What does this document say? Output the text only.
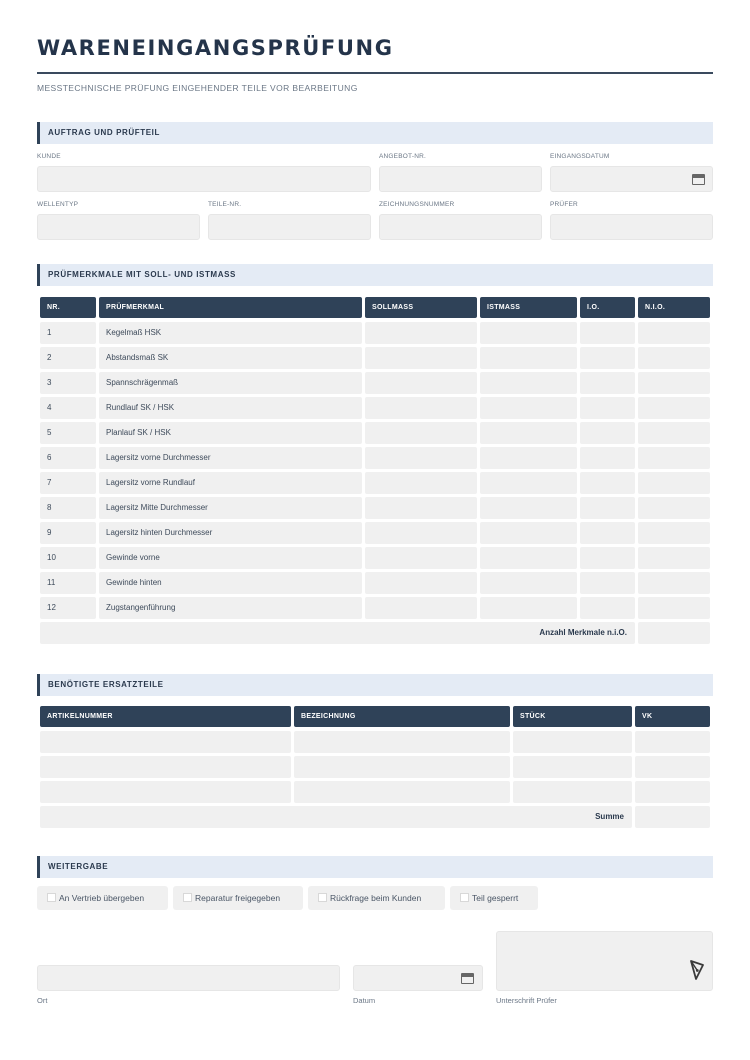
WARENEINGANGSPRÜFUNG
MESSTECHNISCHE PRÜFUNG EINGEHENDER TEILE VOR BEARBEITUNG
AUFTRAG UND PRÜFTEIL
KUNDE	ANGEBOT-NR.	EINGANGSDATUM
WELLENTYP	TEILE-NR.	ZEICHNUNGSNUMMER	PRÜFER
PRÜFMERKMALE MIT SOLL- UND ISTMASS
NR.	PRÜFMERKMAL	SOLLMASS	ISTMASS	I.O.	N.I.O.
1	Kegelmaß HSK
2	Abstandsmaß SK
3	Spannschrägenmaß
4	Rundlauf SK / HSK
5	Planlauf SK / HSK
6	Lagersitz vorne Durchmesser
7	Lagersitz vorne Rundlauf
8	Lagersitz Mitte Durchmesser
9	Lagersitz hinten Durchmesser
10	Gewinde vorne
11	Gewinde hinten
12	Zugstangenführung
Anzahl Merkmale n.i.O.
BENÖTIGTE ERSATZTEILE
ARTIKELNUMMER	BEZEICHNUNG	STÜCK	VK
Summe
WEITERGABE
An Vertrieb übergeben	Reparatur freigegeben	Rückfrage beim Kunden	Teil gesperrt
Ort	Datum	Unterschrift Prüfer
